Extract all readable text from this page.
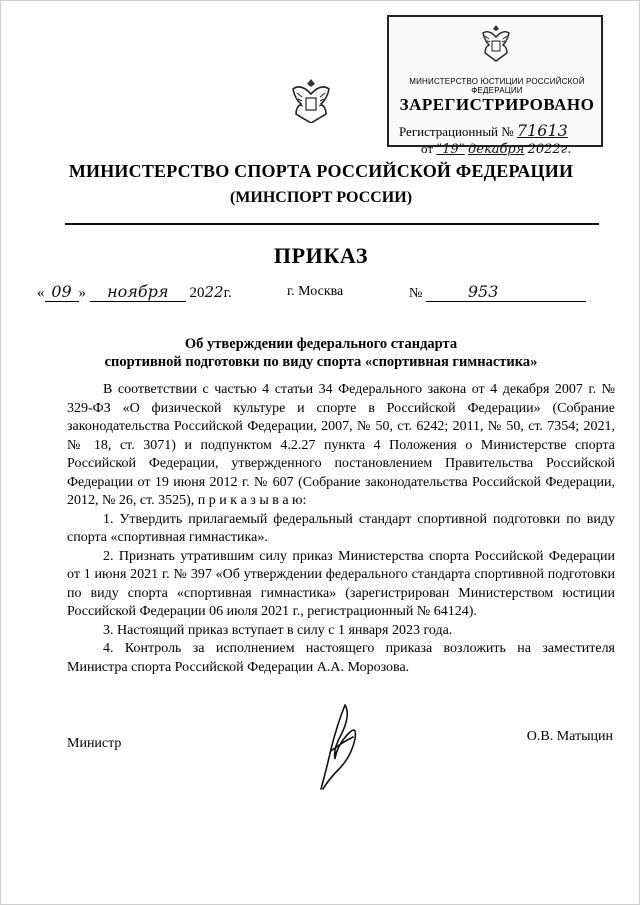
МИНИСТЕРСТВО ЮСТИЦИИ РОССИЙСКОЙ ФЕДЕРАЦИИ
ЗАРЕГИСТРИРОВАНО
Регистрационный № 71613
от "19" декабря 2022г.
МИНИСТЕРСТВО СПОРТА РОССИЙСКОЙ ФЕДЕРАЦИИ
(МИНСПОРТ РОССИИ)
ПРИКАЗ
« 09 » ноября 2022г.	г. Москва	№	953
Об утверждении федерального стандарта
спортивной подготовки по виду спорта «спортивная гимнастика»

В соответствии с частью 4 статьи 34 Федерального закона от 4 декабря 2007 г. № 329-ФЗ «О физической культуре и спорте в Российской Федерации» (Собрание законодательства Российской Федерации, 2007, № 50, ст. 6242; 2011, № 50, ст. 7354; 2021, № 18, ст. 3071) и подпунктом 4.2.27 пункта 4 Положения о Министерстве спорта Российской Федерации, утвержденного постановлением Правительства Российской Федерации от 19 июня 2012 г. № 607 (Собрание законодательства Российской Федерации, 2012, № 26, ст. 3525), п р и к а з ы в а ю:

1. Утвердить прилагаемый федеральный стандарт спортивной подготовки по виду спорта «спортивная гимнастика».

2. Признать утратившим силу приказ Министерства спорта Российской Федерации от 1 июня 2021 г. № 397 «Об утверждении федерального стандарта спортивной подготовки по виду спорта «спортивная гимнастика» (зарегистрирован Министерством юстиции Российской Федерации 06 июля 2021 г., регистрационный № 64124).

3. Настоящий приказ вступает в силу с 1 января 2023 года.

4. Контроль за исполнением настоящего приказа возложить на заместителя Министра спорта Российской Федерации А.А. Морозова.

Министр	О.В. Матыцин
